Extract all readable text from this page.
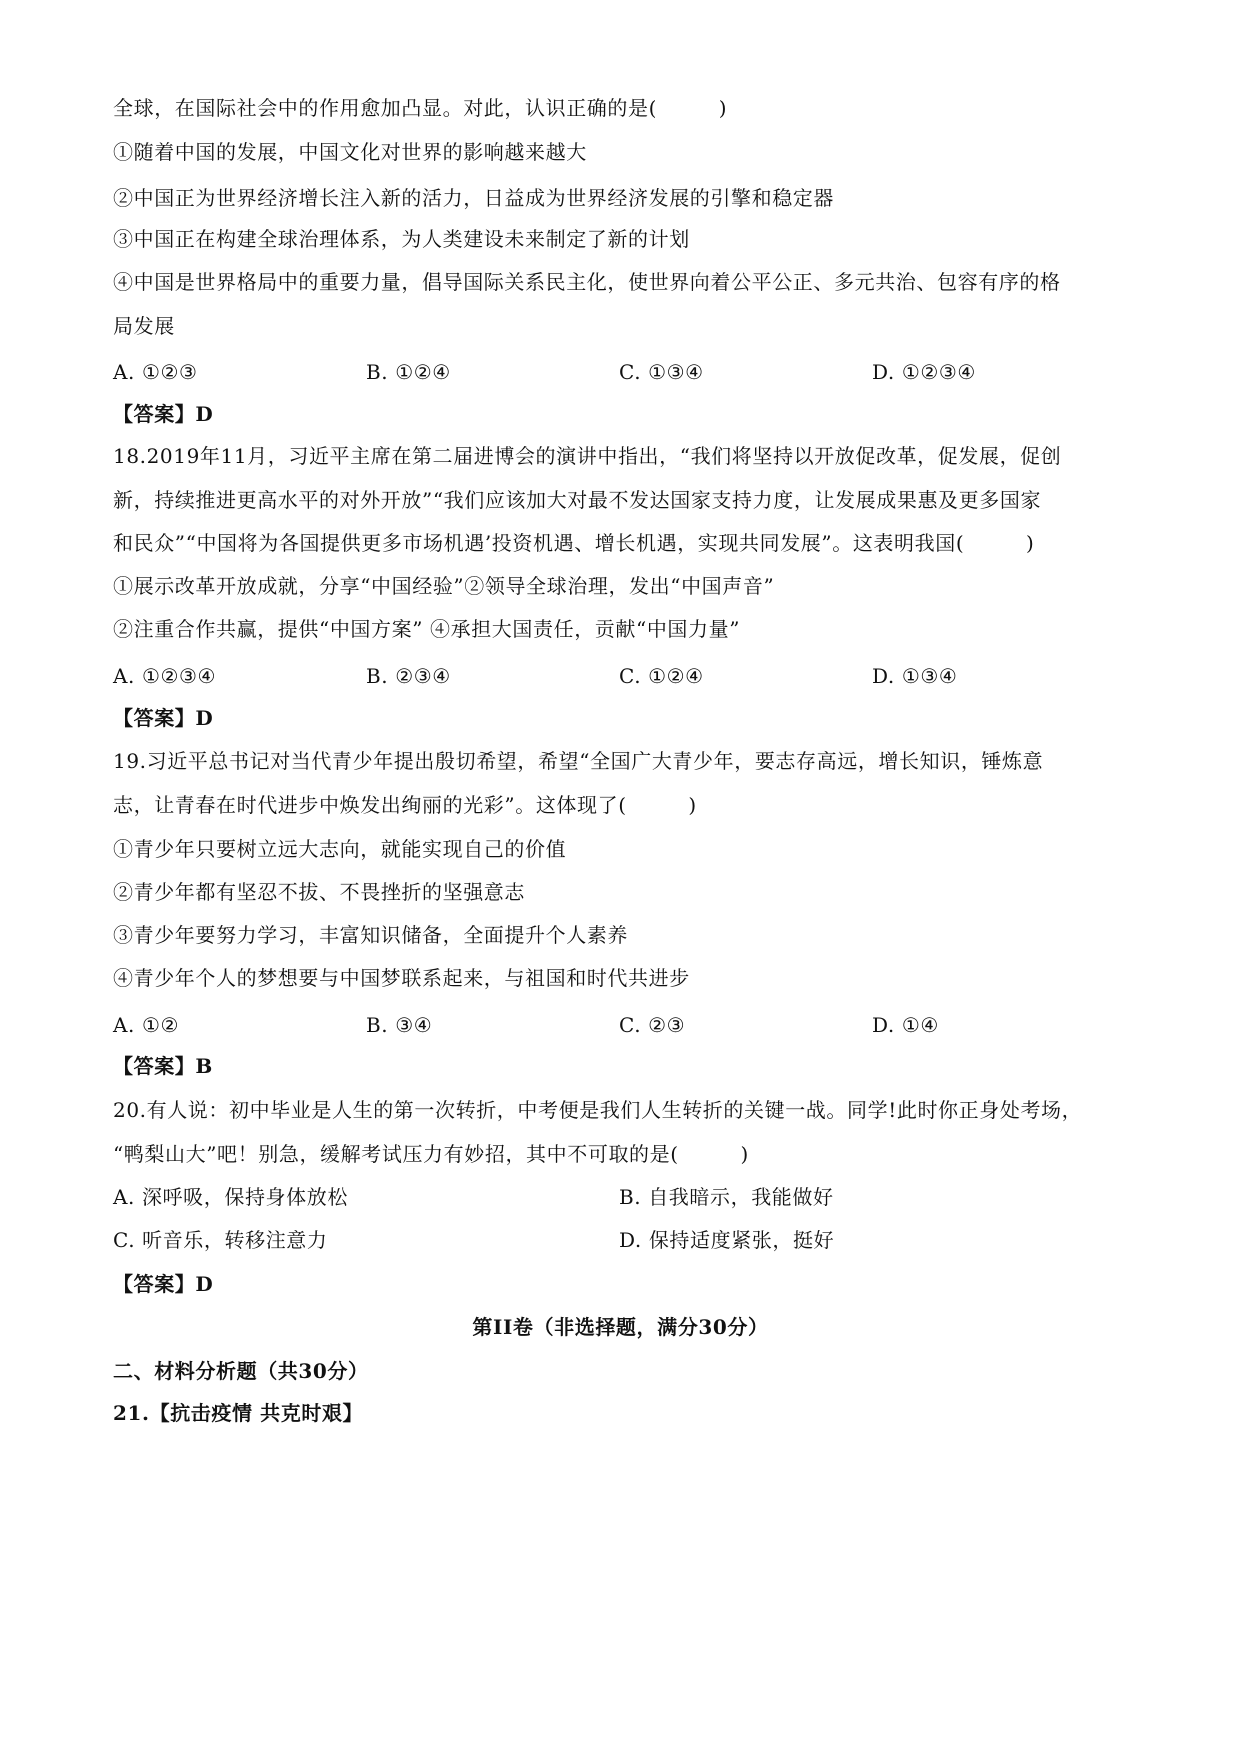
全球，在国际社会中的作用愈加凸显。对此，认识正确的是(　　　)
①随着中国的发展，中国文化对世界的影响越来越大
②中国正为世界经济增长注入新的活力，日益成为世界经济发展的引擎和稳定器
③中国正在构建全球治理体系，为人类建设未来制定了新的计划
④中国是世界格局中的重要力量，倡导国际关系民主化，使世界向着公平公正、多元共治、包容有序的格
局发展
A. ①②③	B. ①②④	C. ①③④	D. ①②③④
【答案】D
18.2019年11月，习近平主席在第二届进博会的演讲中指出，“我们将坚持以开放促改革，促发展，促创
新，持续推进更高水平的对外开放”“我们应该加大对最不发达国家支持力度，让发展成果惠及更多国家
和民众”“中国将为各国提供更多市场机遇’投资机遇、增长机遇，实现共同发展”。这表明我国(　　　)
①展示改革开放成就，分享“中国经验”②领导全球治理，发出“中国声音”
②注重合作共赢，提供“中国方案” ④承担大国责任，贡献“中国力量”
A. ①②③④	B. ②③④	C. ①②④	D. ①③④
【答案】D
19.习近平总书记对当代青少年提出殷切希望，希望“全国广大青少年，要志存高远，增长知识，锤炼意
志，让青春在时代进步中焕发出绚丽的光彩”。这体现了(　　　)
①青少年只要树立远大志向，就能实现自己的价值
②青少年都有坚忍不拔、不畏挫折的坚强意志
③青少年要努力学习，丰富知识储备，全面提升个人素养
④青少年个人的梦想要与中国梦联系起来，与祖国和时代共进步
A. ①②	B. ③④	C. ②③	D. ①④
【答案】B
20.有人说：初中毕业是人生的第一次转折，中考便是我们人生转折的关键一战。同学!此时你正身处考场，
“鸭梨山大”吧！别急，缓解考试压力有妙招，其中不可取的是(　　　)
A. 深呼吸，保持身体放松	B. 自我暗示，我能做好
C. 听音乐，转移注意力	D. 保持适度紧张，挺好
【答案】D
第II卷（非选择题，满分30分）
二、材料分析题（共30分）
21.【抗击疫情 共克时艰】
